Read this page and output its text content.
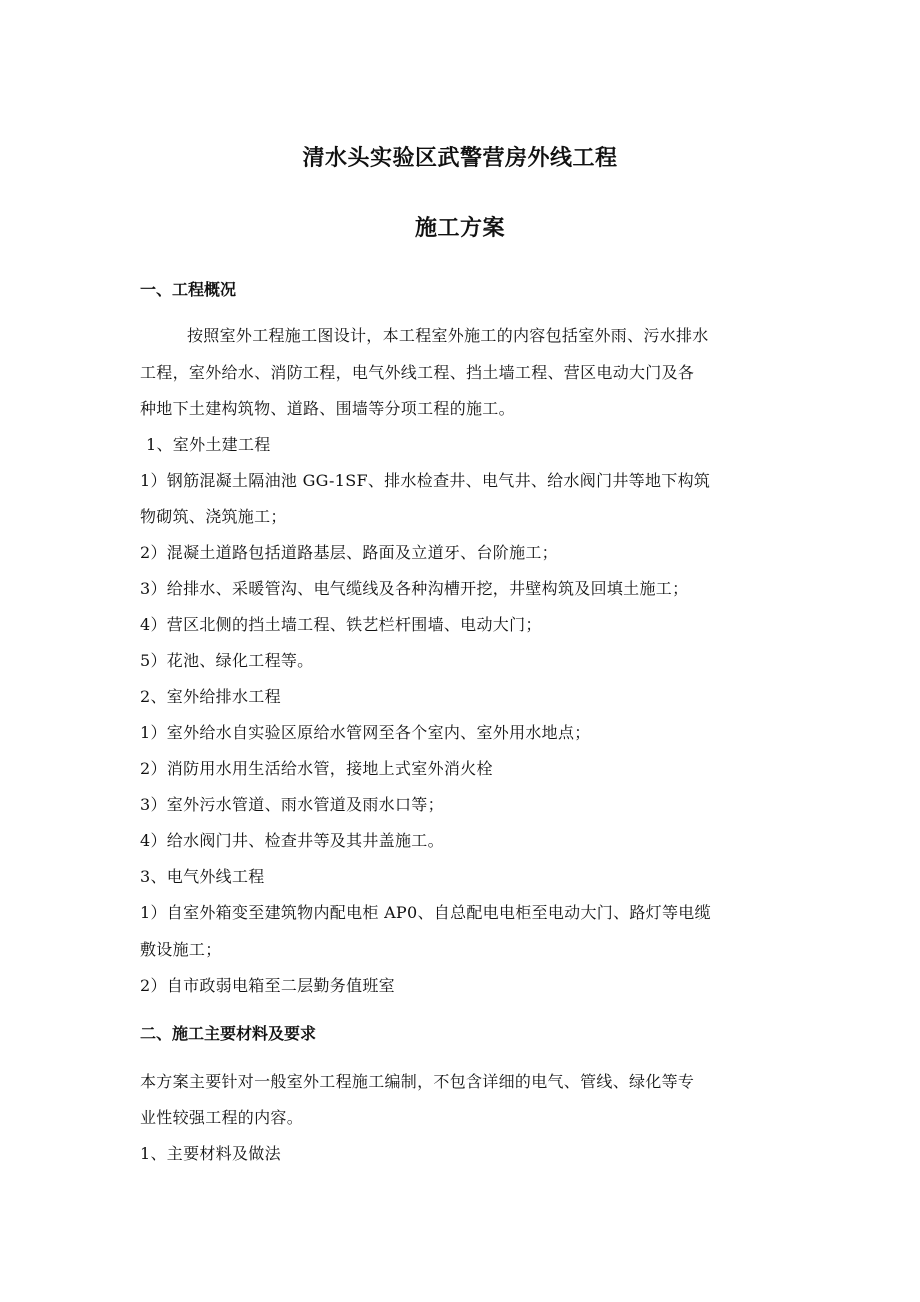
清水头实验区武警营房外线工程
施工方案
一、工程概况
按照室外工程施工图设计，本工程室外施工的内容包括室外雨、污水排水
工程，室外给水、消防工程，电气外线工程、挡土墙工程、营区电动大门及各
种地下土建构筑物、道路、围墙等分项工程的施工。
1、室外土建工程
1）钢筋混凝土隔油池 GG-1SF、排水检查井、电气井、给水阀门井等地下构筑
物砌筑、浇筑施工；
2）混凝土道路包括道路基层、路面及立道牙、台阶施工；
3）给排水、采暖管沟、电气缆线及各种沟槽开挖，井壁构筑及回填土施工；
4）营区北侧的挡土墙工程、铁艺栏杆围墙、电动大门；
5）花池、绿化工程等。
2、室外给排水工程
1）室外给水自实验区原给水管网至各个室内、室外用水地点；
2）消防用水用生活给水管，接地上式室外消火栓
3）室外污水管道、雨水管道及雨水口等；
4）给水阀门井、检查井等及其井盖施工。
3、电气外线工程
1）自室外箱变至建筑物内配电柜 AP0、自总配电电柜至电动大门、路灯等电缆
敷设施工；
2）自市政弱电箱至二层勤务值班室
二、施工主要材料及要求
本方案主要针对一般室外工程施工编制，不包含详细的电气、管线、绿化等专
业性较强工程的内容。
1、主要材料及做法
